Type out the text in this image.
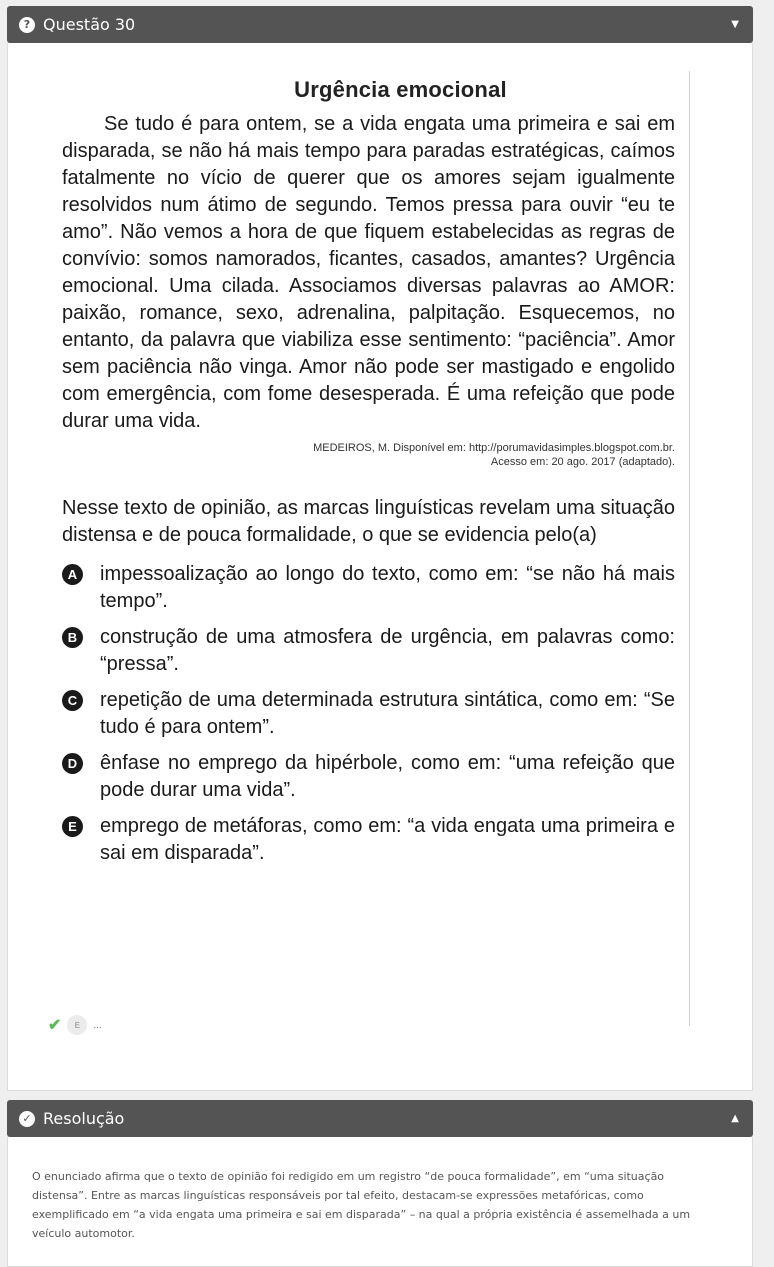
? Questão 30	▼
Urgência emocional

Se tudo é para ontem, se a vida engata uma primeira e sai em disparada, se não há mais tempo para paradas estratégicas, caímos fatalmente no vício de querer que os amores sejam igualmente resolvidos num átimo de segundo. Temos pressa para ouvir “eu te amo”. Não vemos a hora de que fiquem estabelecidas as regras de convívio: somos namorados, ficantes, casados, amantes? Urgência emocional. Uma cilada. Associamos diversas palavras ao AMOR: paixão, romance, sexo, adrenalina, palpitação. Esquecemos, no entanto, da palavra que viabiliza esse sentimento: “paciência”. Amor sem paciência não vinga. Amor não pode ser mastigado e engolido com emergência, com fome desesperada. É uma refeição que pode durar uma vida.

MEDEIROS, M. Disponível em: http://porumavidasimples.blogspot.com.br.
Acesso em: 20 ago. 2017 (adaptado).

Nesse texto de opinião, as marcas linguísticas revelam uma situação distensa e de pouca formalidade, o que se evidencia pelo(a)

A impessoalização ao longo do texto, como em: “se não há mais tempo”.
B construção de uma atmosfera de urgência, em palavras como: “pressa”.
C repetição de uma determinada estrutura sintática, como em: “Se tudo é para ontem”.
D ênfase no emprego da hipérbole, como em: “uma refeição que pode durar uma vida”.
E	emprego de metáforas, como em: “a vida engata uma primeira e sai em disparada”.
✔	E	...
✓ Resolução	▲

O enunciado afirma que o texto de opinião foi redigido em um registro “de pouca formalidade”, em “uma situação distensa”. Entre as marcas linguísticas responsáveis por tal efeito, destacam-se expressões metafóricas, como exemplificado em “a vida engata uma primeira e sai em disparada” – na qual a própria existência é assemelhada a um veículo automotor.
